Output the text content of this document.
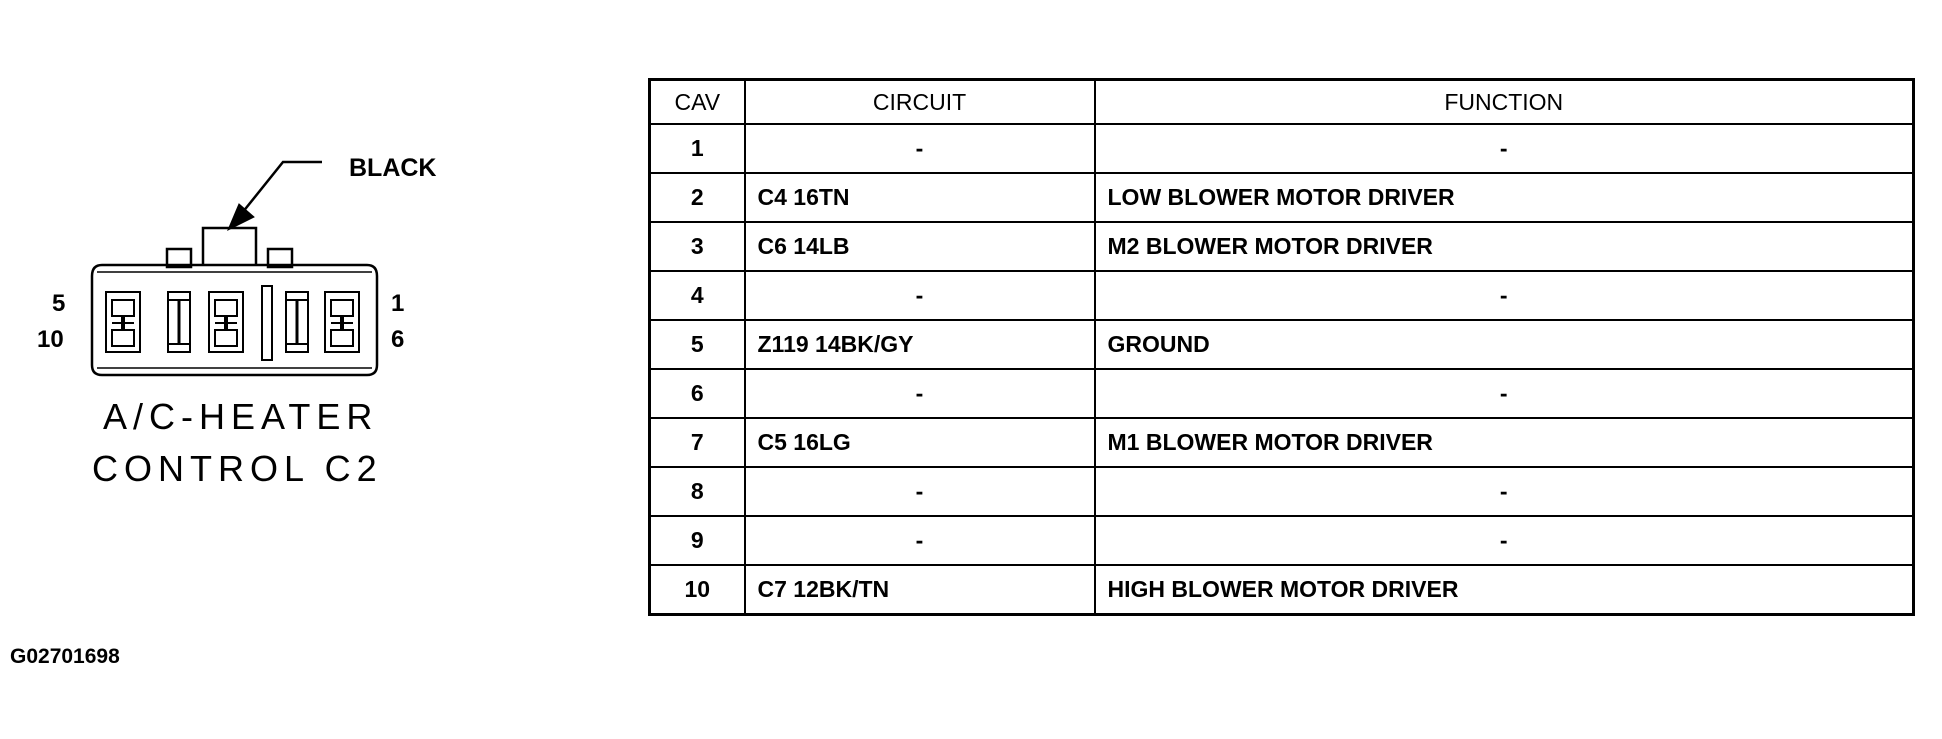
BLACK
5
10
1
6
A/C-HEATER
CONTROL C2
CAV	CIRCUIT	FUNCTION
1	-	-
2	C4 16TN	LOW BLOWER MOTOR DRIVER
3	C6 14LB	M2 BLOWER MOTOR DRIVER
4	-	-
5	Z119 14BK/GY	GROUND
6	-	-
7	C5 16LG	M1 BLOWER MOTOR DRIVER
8	-	-
9	-	-
10	C7 12BK/TN	HIGH BLOWER MOTOR DRIVER
G02701698
